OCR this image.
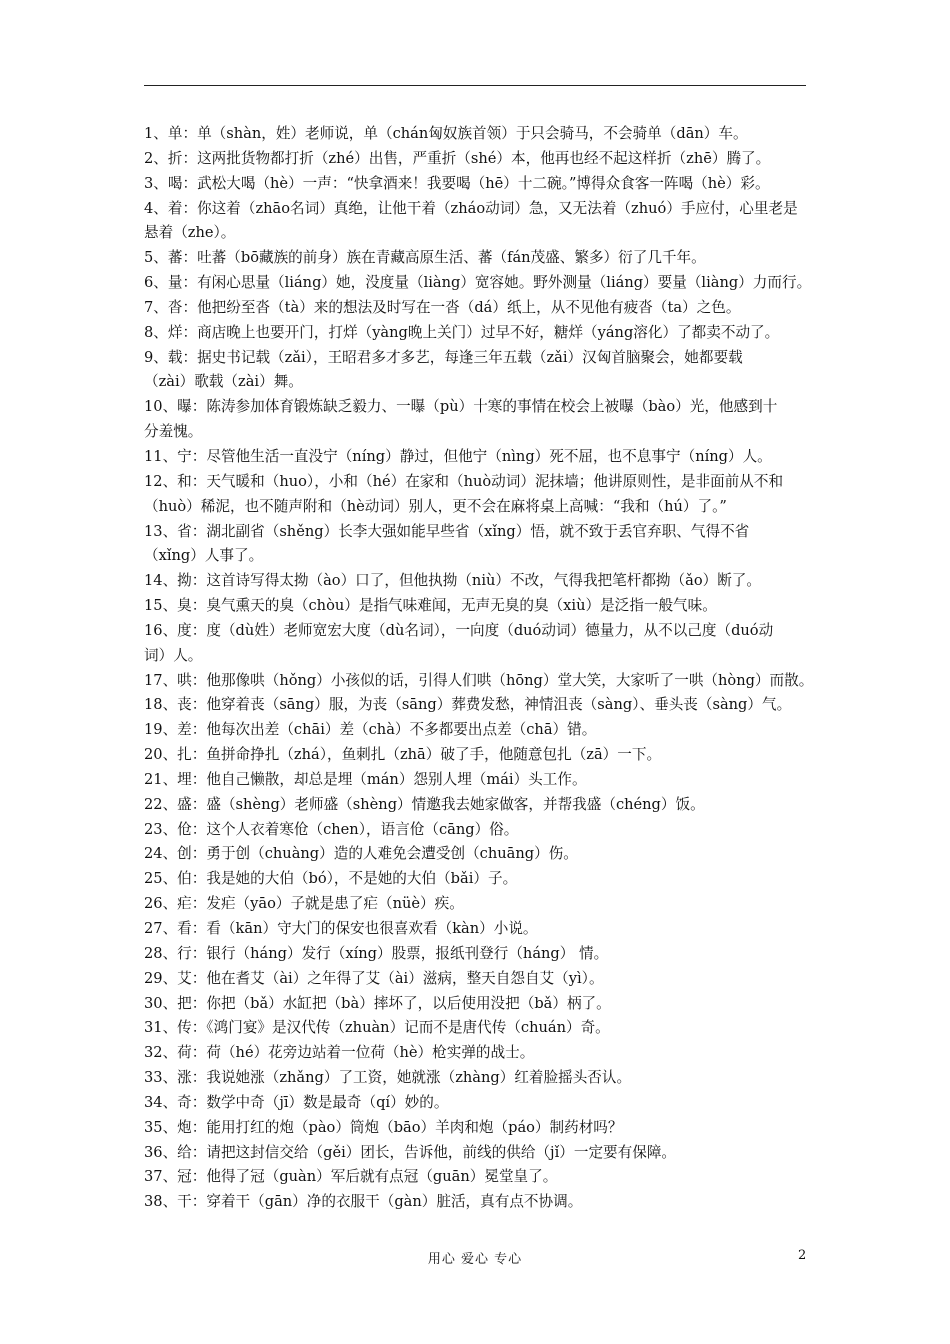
1、单：单（shàn，姓）老师说，单（chán匈奴族首领）于只会骑马，不会骑单（dān）车。
2、折：这两批货物都打折（zhé）出售，严重折（shé）本，他再也经不起这样折（zhē）腾了。
3、喝：武松大喝（hè）一声：“快拿酒来！我要喝（hē）十二碗。”博得众食客一阵喝（hè）彩。
4、着：你这着（zhāo名词）真绝，让他干着（zháo动词）急，又无法着（zhuó）手应付，心里老是
悬着（zhe）。
5、蕃：吐蕃（bō藏族的前身）族在青藏高原生活、蕃（fán茂盛、繁多）衍了几千年。
6、量：有闲心思量（liáng）她，没度量（liàng）宽容她。野外测量（liáng）要量（liàng）力而行。
7、沓：他把纷至沓（tà）来的想法及时写在一沓（dá）纸上，从不见他有疲沓（ta）之色。
8、烊：商店晚上也要开门，打烊（yàng晚上关门）过早不好，糖烊（yáng溶化）了都卖不动了。
9、载：据史书记载（zǎi），王昭君多才多艺，每逢三年五载（zǎi）汉匈首脑聚会，她都要载
（zài）歌载（zài）舞。
10、曝：陈涛参加体育锻炼缺乏毅力、一曝（pù）十寒的事情在校会上被曝（bào）光，他感到十
分羞愧。
11、宁：尽管他生活一直没宁（níng）静过，但他宁（nìng）死不屈，也不息事宁（níng）人。
12、和：天气暖和（huo），小和（hé）在家和（huò动词）泥抹墙；他讲原则性，是非面前从不和
（huò）稀泥，也不随声附和（hè动词）别人，更不会在麻将桌上高喊：“我和（hú）了。”
13、省：湖北副省（shěng）长李大强如能早些省（xǐng）悟，就不致于丢官弃职、气得不省
（xǐng）人事了。
14、拗：这首诗写得太拗（ào）口了，但他执拗（niù）不改，气得我把笔杆都拗（ǎo）断了。
15、臭：臭气熏天的臭（chòu）是指气味难闻，无声无臭的臭（xiù）是泛指一般气味。
16、度：度（dù姓）老师宽宏大度（dù名词），一向度（duó动词）德量力，从不以己度（duó动
词）人。
17、哄：他那像哄（hǒng）小孩似的话，引得人们哄（hōng）堂大笑，大家听了一哄（hòng）而散。
18、丧：他穿着丧（sāng）服，为丧（sāng）葬费发愁，神情沮丧（sàng）、垂头丧（sàng）气。
19、差：他每次出差（chāi）差（chà）不多都要出点差（chā）错。
20、扎：鱼拼命挣扎（zhá），鱼刺扎（zhā）破了手，他随意包扎（zā）一下。
21、埋：他自己懒散，却总是埋（mán）怨别人埋（mái）头工作。
22、盛：盛（shèng）老师盛（shèng）情邀我去她家做客，并帮我盛（chéng）饭。
23、伧：这个人衣着寒伧（chen），语言伧（cāng）俗。
24、创：勇于创（chuàng）造的人难免会遭受创（chuāng）伤。
25、伯：我是她的大伯（bó），不是她的大伯（bǎi）子。
26、疟：发疟（yāo）子就是患了疟（nüè）疾。
27、看：看（kān）守大门的保安也很喜欢看（kàn）小说。
28、行：银行（háng）发行（xíng）股票，报纸刊登行（háng） 情。
29、艾：他在耆艾（ài）之年得了艾（ài）滋病，整天自怨自艾（yì）。
30、把：你把（bǎ）水缸把（bà）摔坏了，以后使用没把（bǎ）柄了。
31、传：《鸿门宴》是汉代传（zhuàn）记而不是唐代传（chuán）奇。
32、荷：荷（hé）花旁边站着一位荷（hè）枪实弹的战士。
33、涨：我说她涨（zhǎng）了工资，她就涨（zhàng）红着脸摇头否认。
34、奇：数学中奇（jī）数是最奇（qí）妙的。
35、炮：能用打红的炮（pào）筒炮（bāo）羊肉和炮（páo）制药材吗？
36、给：请把这封信交给（gěi）团长，告诉他，前线的供给（jǐ）一定要有保障。
37、冠：他得了冠（guàn）军后就有点冠（guān）冕堂皇了。
38、干：穿着干（gān）净的衣服干（gàn）脏活，真有点不协调。
用心 爱心 专心	2
